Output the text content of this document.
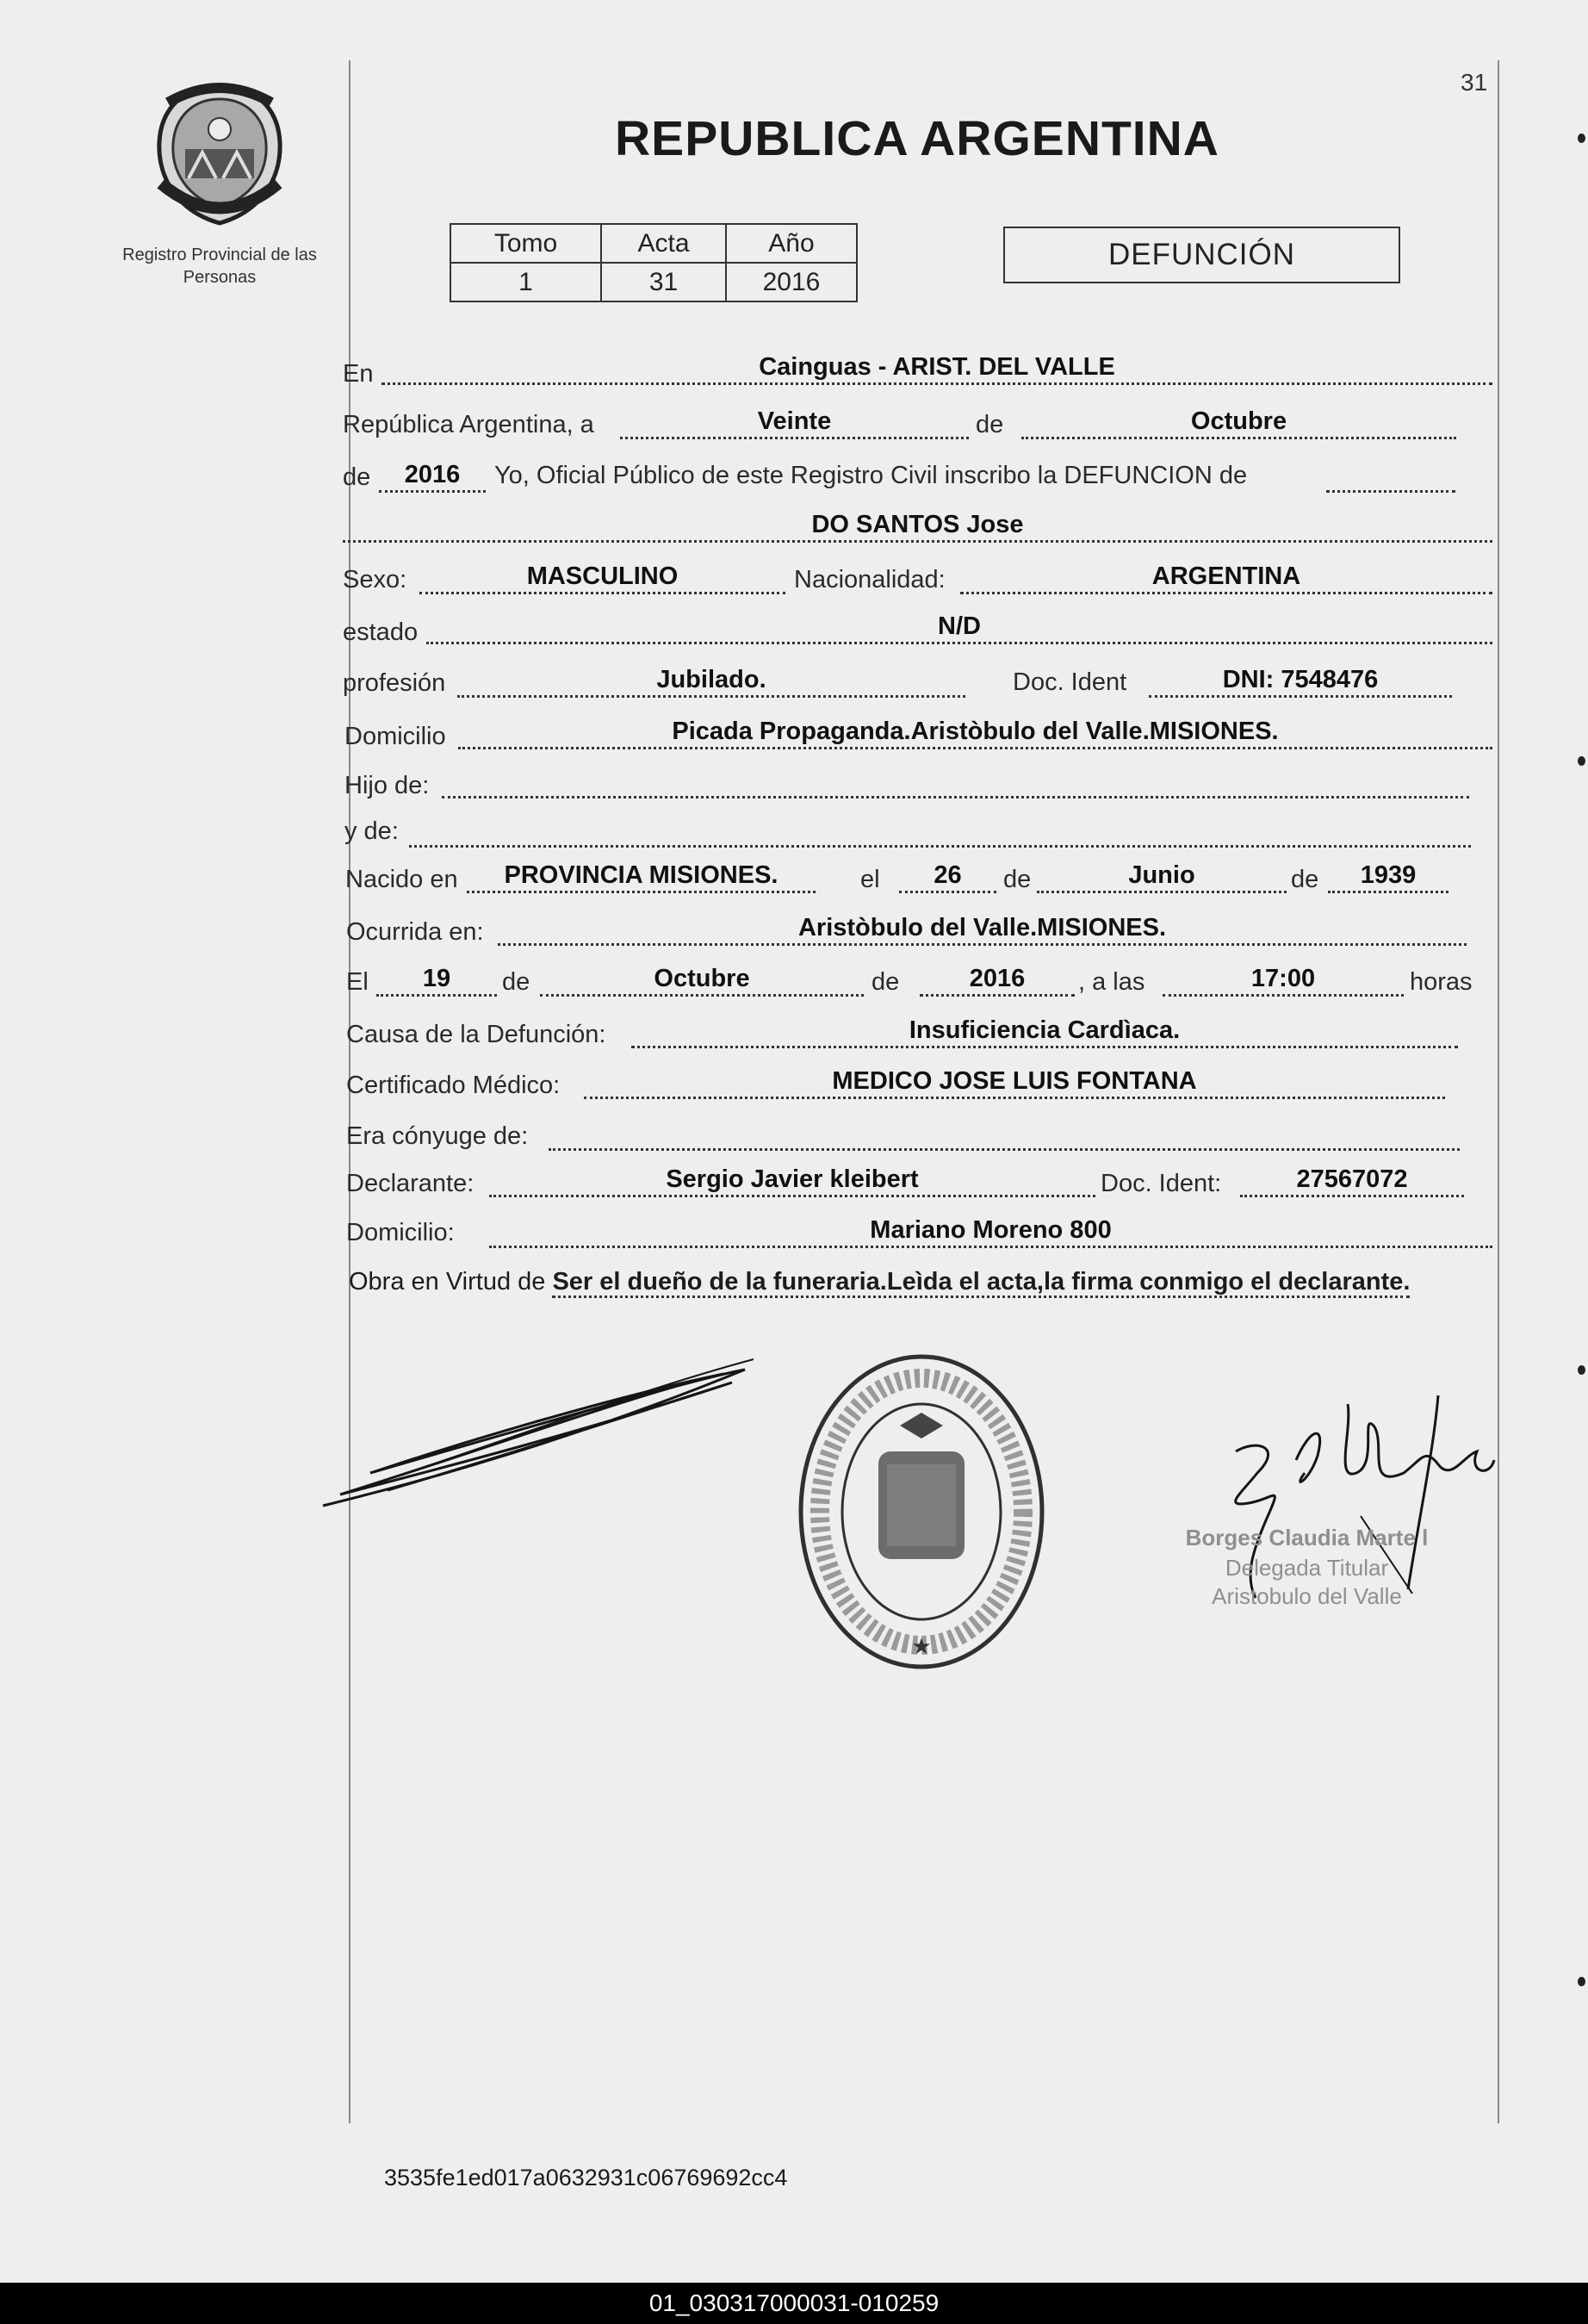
31
Registro Provincial de las Personas
REPUBLICA ARGENTINA
Tomo	Acta	Año
1	31	2016
DEFUNCIÓN
En	Cainguas - ARIST. DEL VALLE
República Argentina, a	Veinte	de	Octubre
de	2016	Yo, Oficial Público de este Registro Civil inscribo la DEFUNCION de
DO SANTOS Jose
Sexo:	MASCULINO	Nacionalidad:	ARGENTINA
estado	N/D
profesión	Jubilado.	Doc. Ident	DNI: 7548476
Domicilio	Picada Propaganda.Aristòbulo del Valle.MISIONES.
Hijo de:
y de:
Nacido en	PROVINCIA MISIONES.	el	26	de	Junio	de	1939
Ocurrida en:	Aristòbulo del Valle.MISIONES.
El	19	de	Octubre	de	2016	, a las	17:00	horas
Causa de la Defunción:	Insuficiencia Cardìaca.
Certificado Médico:	MEDICO JOSE LUIS FONTANA
Era cónyuge de:
Declarante:	Sergio Javier kleibert	Doc. Ident:	27567072
Domicilio:	Mariano Moreno 800
Obra en Virtud de Ser el dueño de la funeraria.Leìda el acta,la firma conmigo el declarante.
★
Borges Claudia Marte l
Delegada Titular
Aristobulo del Valle
3535fe1ed017a0632931c06769692cc4
01_030317000031-010259
